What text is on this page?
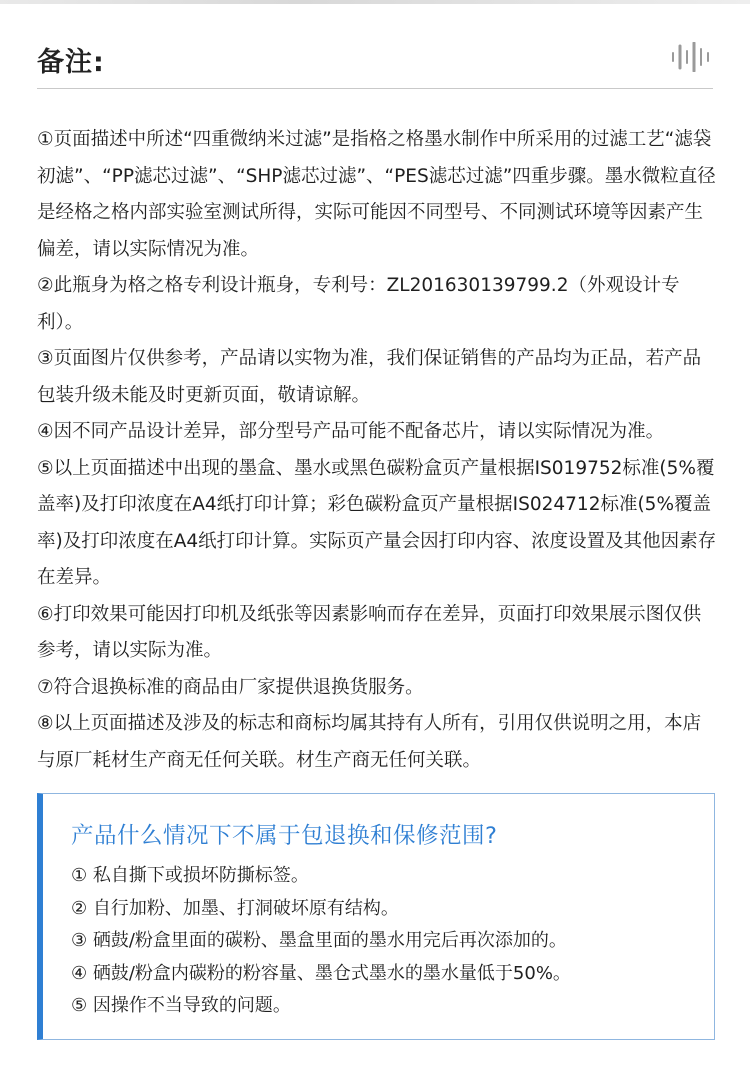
备注:

①页面描述中所述“四重微纳米过滤”是指格之格墨水制作中所采用的过滤工艺“滤袋初滤”、“PP滤芯过滤”、“SHP滤芯过滤”、“PES滤芯过滤”四重步骤。墨水微粒直径是经格之格内部实验室测试所得，实际可能因不同型号、不同测试环境等因素产生偏差，请以实际情况为准。

②此瓶身为格之格专利设计瓶身，专利号：ZL201630139799.2（外观设计专利）。

③页面图片仅供参考，产品请以实物为准，我们保证销售的产品均为正品，若产品包装升级未能及时更新页面，敬请谅解。

④因不同产品设计差异，部分型号产品可能不配备芯片，请以实际情况为准。

⑤以上页面描述中出现的墨盒、墨水或黑色碳粉盒页产量根据IS019752标准(5%覆盖率)及打印浓度在A4纸打印计算；彩色碳粉盒页产量根据IS024712标准(5%覆盖率)及打印浓度在A4纸打印计算。实际页产量会因打印内容、浓度设置及其他因素存在差异。

⑥打印效果可能因打印机及纸张等因素影响而存在差异，页面打印效果展示图仅供参考，请以实际为准。

⑦符合退换标准的商品由厂家提供退换货服务。

⑧以上页面描述及涉及的标志和商标均属其持有人所有，引用仅供说明之用，本店与原厂耗材生产商无任何关联。材生产商无任何关联。

产品什么情况下不属于包退换和保修范围?

① 私自撕下或损坏防撕标签。

② 自行加粉、加墨、打洞破坏原有结构。

③ 硒鼓/粉盒里面的碳粉、墨盒里面的墨水用完后再次添加的。

④ 硒鼓/粉盒内碳粉的粉容量、墨仓式墨水的墨水量低于50%。

⑤ 因操作不当导致的问题。
